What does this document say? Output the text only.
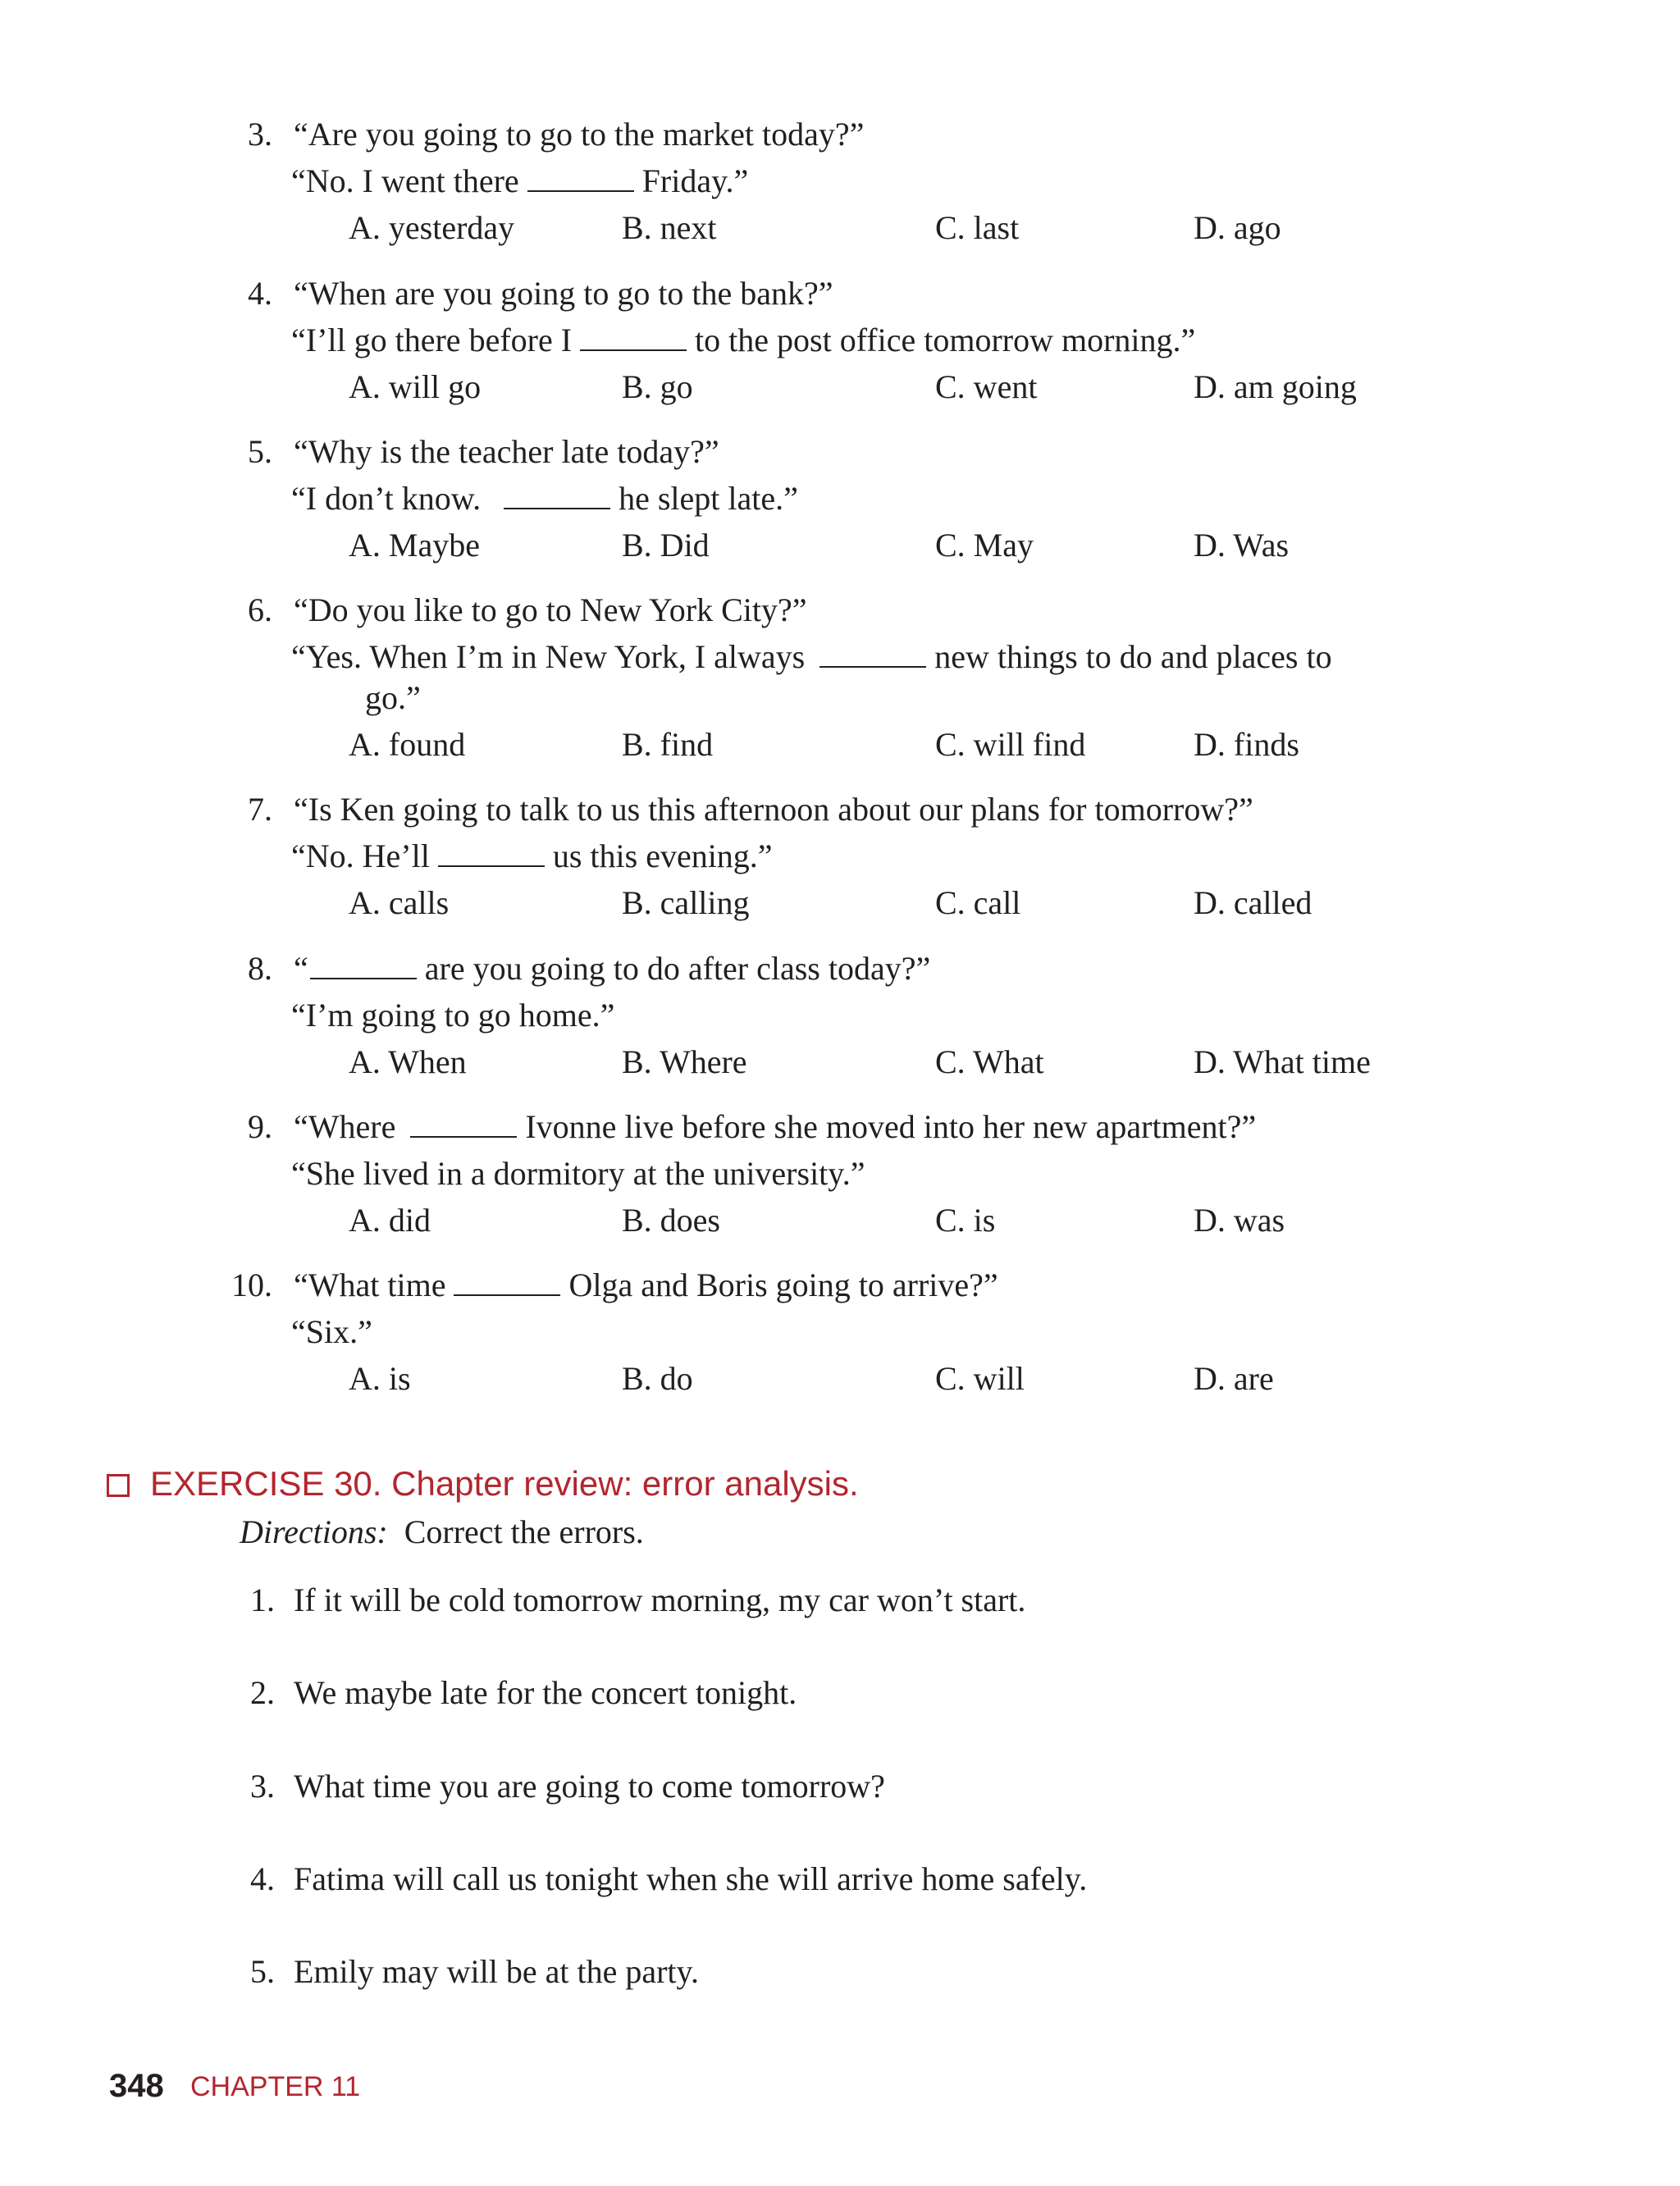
3. “Are you going to go to the market today?”
“No. I went there	Friday.”
A. yesterday	B. next	C. last	D. ago
4. “When are you going to go to the bank?”
“I’ll go there before I	to the post office tomorrow morning.”
A. will go	B. go	C. went	D. am going
5. “Why is the teacher late today?”
“I don’t know.	he slept late.”
A. Maybe	B. Did	C. May	D. Was
6. “Do you like to go to New York City?”
“Yes. When I’m in New York, I always	new things to do and places to
go.”
A. found	B. find	C. will find	D. finds
7. “Is Ken going to talk to us this afternoon about our plans for tomorrow?”
“No. He’ll	us this evening.”
A. calls	B. calling	C. call	D. called
8. “	are you going to do after class today?”
“I’m going to go home.”
A. When	B. Where	C. What	D. What time
9. “Where	Ivonne live before she moved into her new apartment?”
“She lived in a dormitory at the university.”
A. did	B. does	C. is	D. was
10. “What time	Olga and Boris going to arrive?”
“Six.”
A. is	B. do	C. will	D. are
EXERCISE 30. Chapter review: error analysis.
Directions: Correct the errors.
1. If it will be cold tomorrow morning, my car won’t start.
2. We maybe late for the concert tonight.
3. What time you are going to come tomorrow?
4. Fatima will call us tonight when she will arrive home safely.
5. Emily may will be at the party.
348 CHAPTER 11
